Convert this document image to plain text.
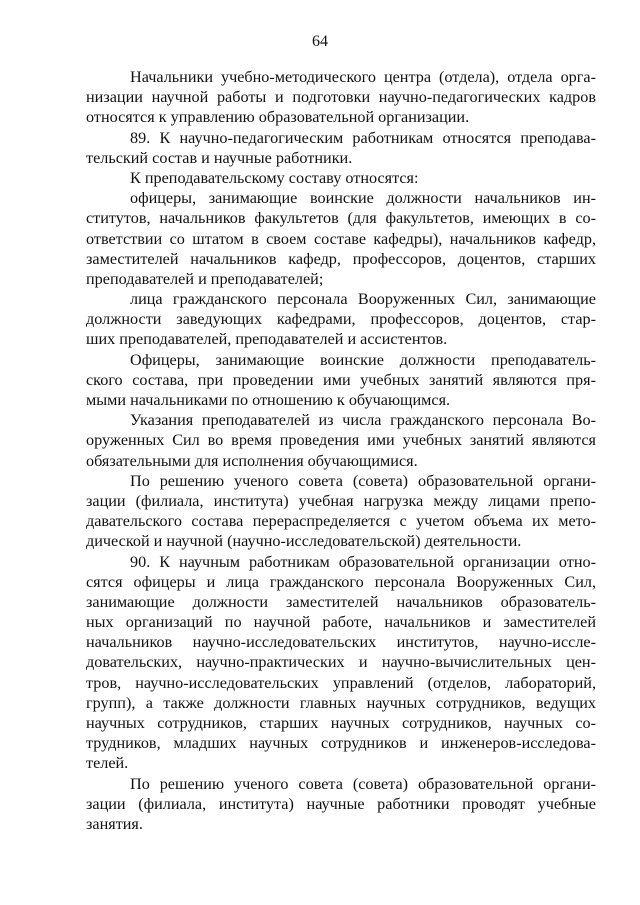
64
Начальники учебно-методического центра (отдела), отдела орга-
низации научной работы и подготовки научно-педагогических кадров
относятся к управлению образовательной организации.
89. К научно-педагогическим работникам относятся преподава-
тельский состав и научные работники.
К преподавательскому составу относятся:
офицеры, занимающие воинские должности начальников ин-
ститутов, начальников факультетов (для факультетов, имеющих в со-
ответствии со штатом в своем составе кафедры), начальников кафедр,
заместителей начальников кафедр, профессоров, доцентов, старших
преподавателей и преподавателей;
лица гражданского персонала Вооруженных Сил, занимающие
должности заведующих кафедрами, профессоров, доцентов, стар-
ших преподавателей, преподавателей и ассистентов.
Офицеры, занимающие воинские должности преподаватель-
ского состава, при проведении ими учебных занятий являются пря-
мыми начальниками по отношению к обучающимся.
Указания преподавателей из числа гражданского персонала Во-
оруженных Сил во время проведения ими учебных занятий являются
обязательными для исполнения обучающимися.
По решению ученого совета (совета) образовательной органи-
зации (филиала, института) учебная нагрузка между лицами препо-
давательского состава перераспределяется с учетом объема их мето-
дической и научной (научно-исследовательской) деятельности.
90. К научным работникам образовательной организации отно-
сятся офицеры и лица гражданского персонала Вооруженных Сил,
занимающие должности заместителей начальников образователь-
ных организаций по научной работе, начальников и заместителей
начальников научно-исследовательских институтов, научно-иссле-
довательских, научно-практических и научно-вычислительных цен-
тров, научно-исследовательских управлений (отделов, лабораторий,
групп), а также должности главных научных сотрудников, ведущих
научных сотрудников, старших научных сотрудников, научных со-
трудников, младших научных сотрудников и инженеров-исследова-
телей.
По решению ученого совета (совета) образовательной органи-
зации (филиала, института) научные работники проводят учебные
занятия.
